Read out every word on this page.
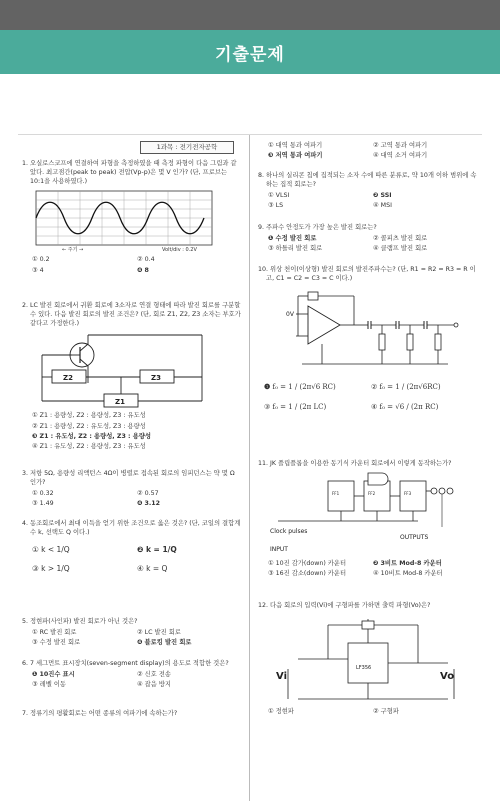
기출문제
1과목 : 전기전자공학
1. 오실로스코프에 연결하여 파형을 측정하였을 때 측정 파형이 다음 그림과 같았다. 최고점간(peak to peak) 전압(Vp-p)은 몇 V 인가? (단, 프로브는 10:1을 사용하였다.)
← 주기 →	Volt/div : 0.2V
① 0.2	② 0.4
③ 4	❹ 8
2. LC 발진 회로에서 귀환 회로에 3소자로 연결 형태에 따라 발진 회로를 구분할 수 있다. 다음 발진 회로의 발진 조건은? (단, 회로 Z1, Z2, Z3 소자는 부호가 같다고 가정한다.)
Z2	Z3
Z1
① Z1 : 용량성, Z2 : 용량성, Z3 : 유도성
② Z1 : 용량성, Z2 : 유도성, Z3 : 용량성
❸ Z1 : 유도성, Z2 : 용량성, Z3 : 용량성
④ Z1 : 유도성, Z2 : 용량성, Z3 : 유도성
3. 저항 5Ω, 용량성 리액턴스 4Ω이 병렬로 접속된 회로의 임피던스는 약 몇 Ω 인가?
① 0.32	② 0.57
③ 1.49	❹ 3.12
4. 동조회로에서 최대 이득을 얻기 위한 조건으로 옳은 것은? (단, 코일의 결합계수 k, 선택도 Q 이다.)
① k < 1/Q	❷ k = 1/Q
③ k > 1/Q	④ k = Q
5. 정현파(사인파) 발진 회로가 아닌 것은?
① RC 발진 회로	② LC 발진 회로
③ 수정 발진 회로	❹ 블로킹 발진 회로
6. 7 세그먼트 표시장치(seven-segment display)의 용도로 적합한 것은?
❶ 10진수 표시	② 신호 전송
③ 레벨 이동	④ 잡음 방지
7. 정류기의 평활회로는 어떤 종류의 여파기에 속하는가?
① 대역 통과 여파기	② 고역 통과 여파기
❸ 저역 통과 여파기	④ 대역 소거 여파기
8. 하나의 실리콘 칩에 집적되는 소자 수에 따른 분류로, 약 10개 이하 범위에 속하는 집적 회로는?
① VLSI	❷ SSI
③ LS	④ MSI
9. 주파수 안정도가 가장 높은 발진 회로는?
❶ 수정 발진 회로	② 콜피츠 발진 회로
③ 하틀리 발진 회로	④ 클램프 발진 회로
10. 위상 천이(이상형) 발진 회로의 발진주파수는? (단, R1 = R2 = R3 = R 이고, C1 = C2 = C3 = C 이다.)
0V
❶ f₀ = 1 / (2π√6 RC)	② f₀ = 1 / (2π√6RC)
③ f₀ = 1 / (2π LC)	④ f₀ = √6 / (2π RC)
11. JK 플립플롭을 이용한 동기식 카운터 회로에서 이렇게 동작하는가?
FF1	FF2	FF3
Clock pulses
INPUT
OUTPUTS
① 10진 감가(down) 카운터	❷ 3비트 Mod-8 카운터
③ 16진 감소(down) 카운터	④ 10비트 Mod-8 카운터
12. 다음 회로의 입력(Vi)에 구형파를 가하면 출력 파형(Vo)은?
LF356
Vi	Vo
① 정현파	② 구형파
